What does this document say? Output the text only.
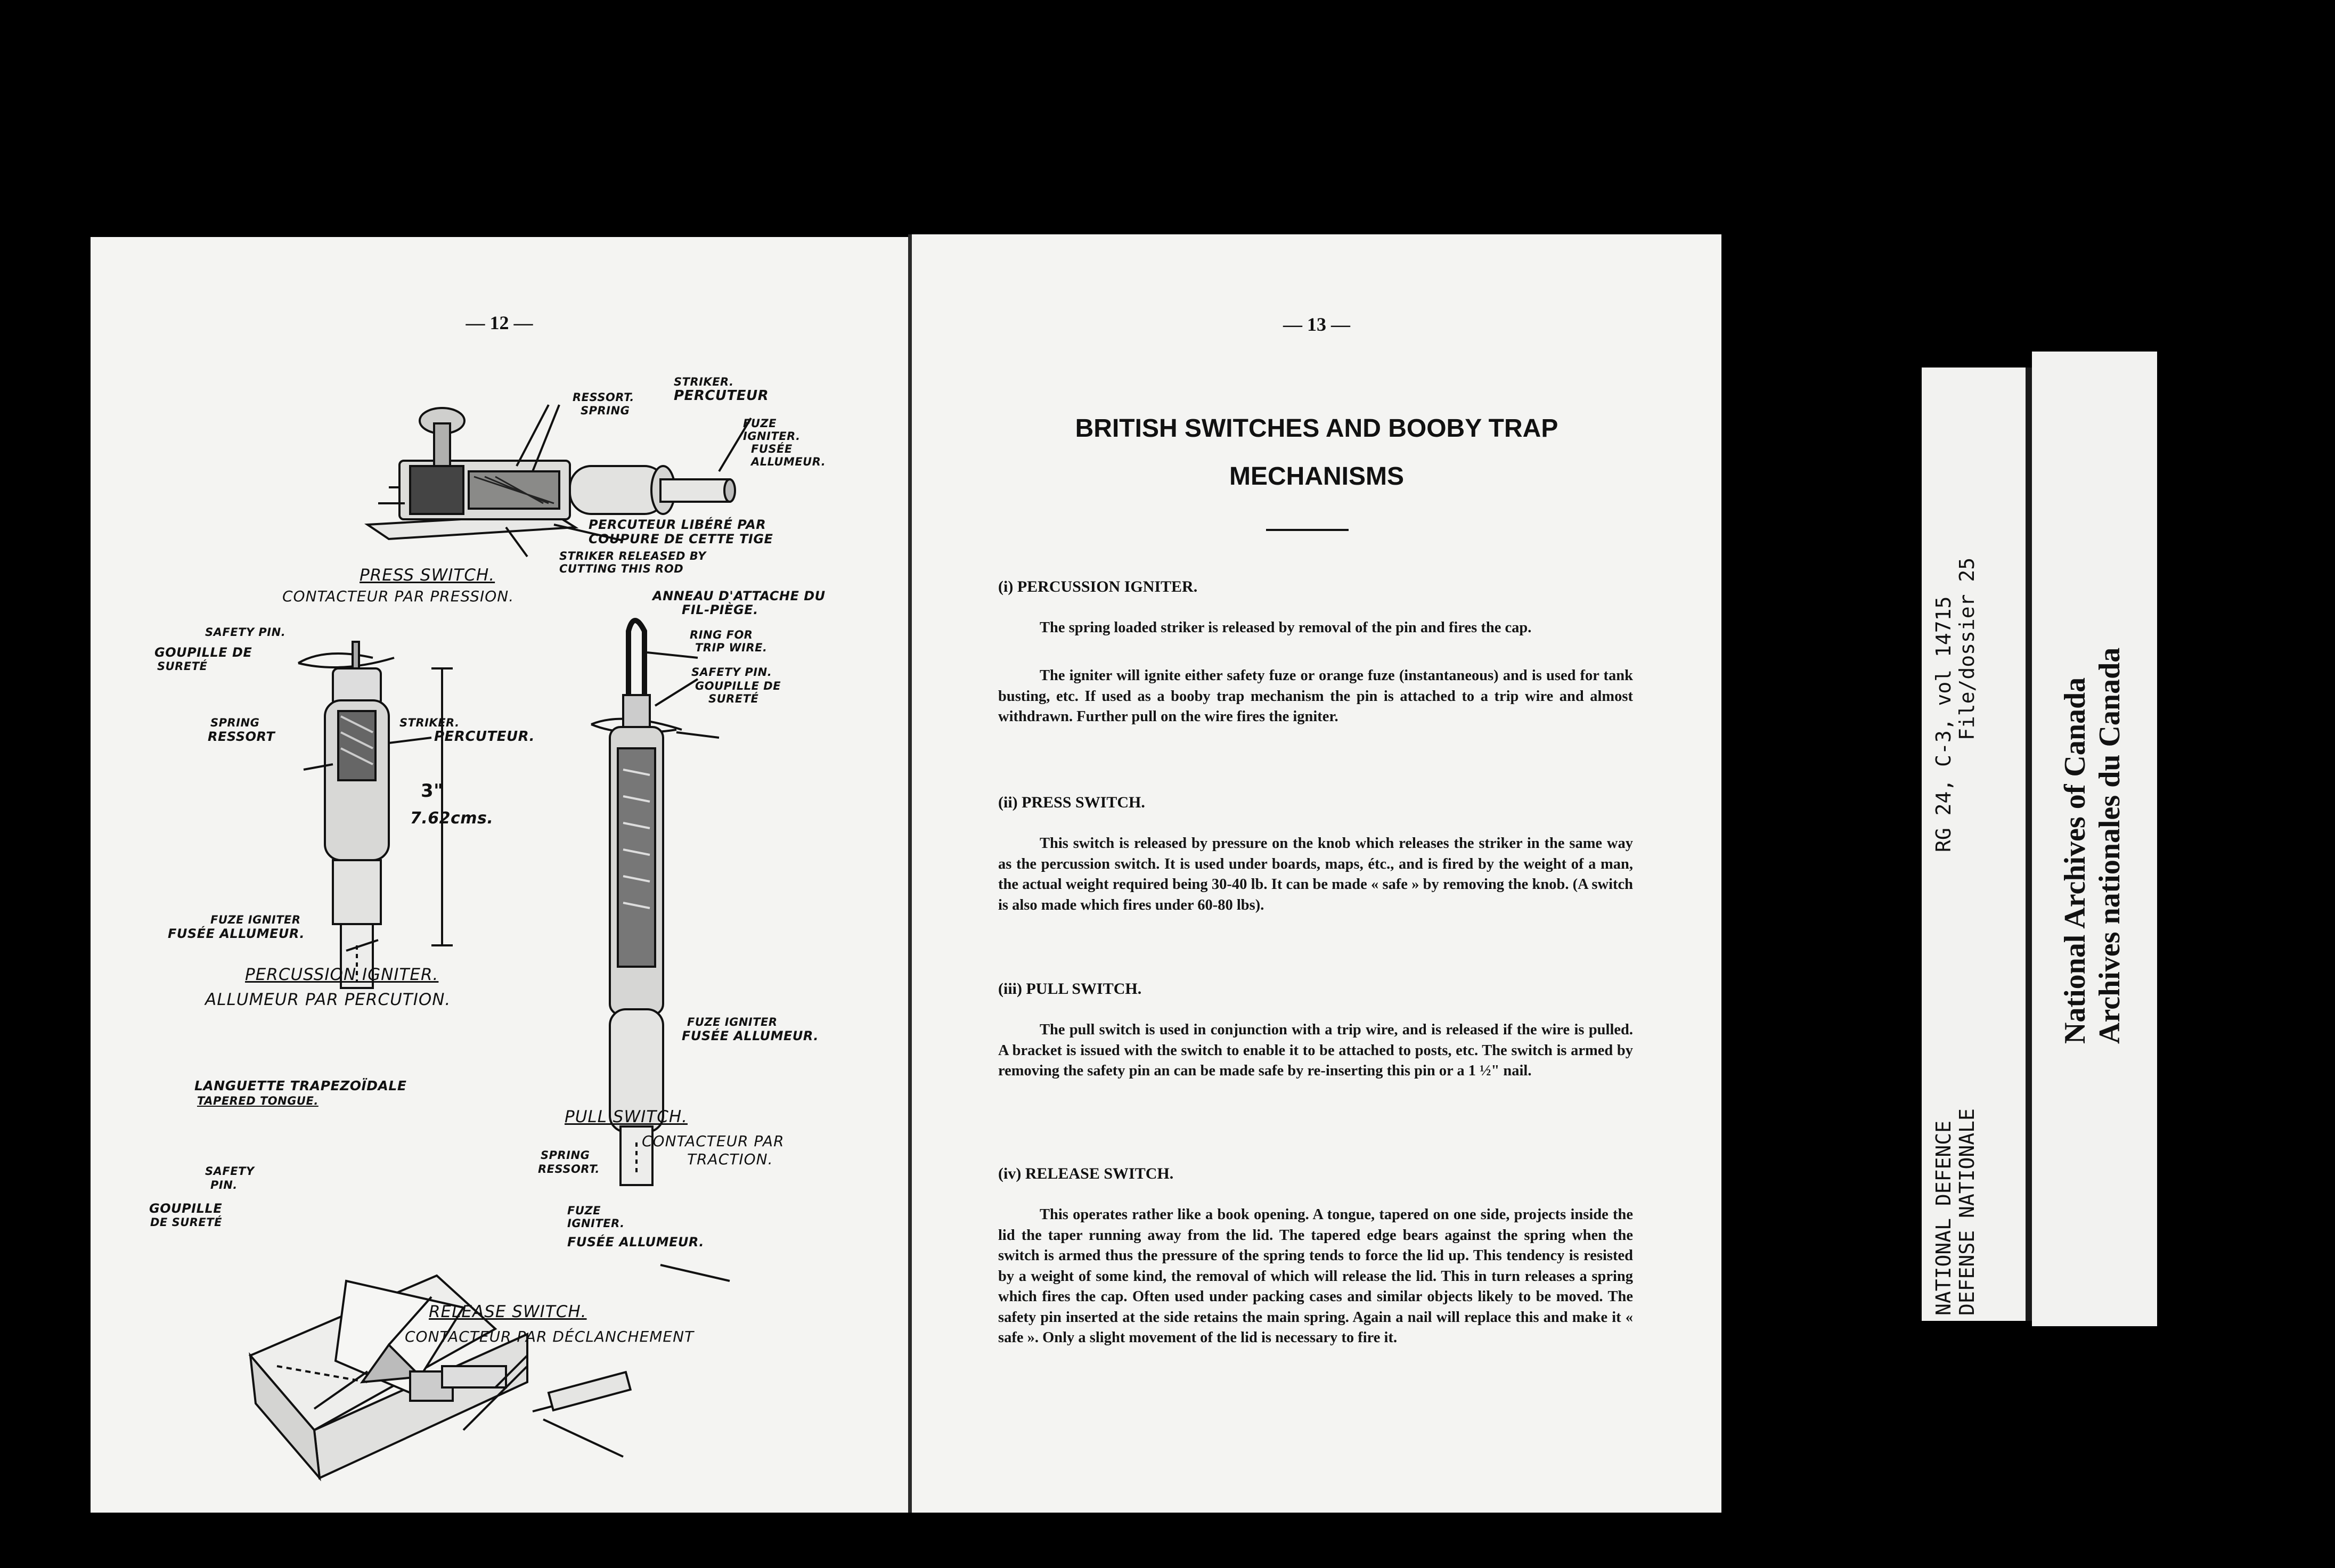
— 12 —
STRIKER.
PERCUTEUR
RESSORT.
SPRING
FUZE
IGNITER.
FUSÉE
ALLUMEUR.
PERCUTEUR LIBÉRÉ PAR
COUPURE DE CETTE TIGE
STRIKER RELEASED BY
CUTTING THIS ROD
PRESS SWITCH.
CONTACTEUR PAR PRESSION.
SAFETY PIN.
GOUPILLE DE
SURETÉ
SPRING
RESSORT
STRIKER.
PERCUTEUR.
3"
7.62cms.
FUZE IGNITER
FUSÉE ALLUMEUR.
PERCUSSION IGNITER.
ALLUMEUR PAR PERCUTION.
ANNEAU D'ATTACHE DU
FIL-PIÈGE.
RING FOR
TRIP WIRE.
SAFETY PIN.
GOUPILLE DE
SURETÉ
FUZE IGNITER
FUSÉE ALLUMEUR.
PULL SWITCH.
CONTACTEUR PAR
TRACTION.
LANGUETTE TRAPEZOÏDALE
TAPERED TONGUE.
SAFETY
PIN.
GOUPILLE
DE SURETÉ
SPRING
RESSORT.
FUZE
IGNITER.
FUSÉE ALLUMEUR.
RELEASE SWITCH.
CONTACTEUR PAR DÉCLANCHEMENT
— 13 —
BRITISH SWITCHES AND BOOBY TRAP
MECHANISMS
(i) PERCUSSION IGNITER.

The spring loaded striker is released by removal of the pin and fires the cap.

The igniter will ignite either safety fuze or orange fuze (instantaneous) and is used for tank busting, etc. If used as a booby trap mechanism the pin is attached to a trip wire and almost withdrawn. Further pull on the wire fires the igniter.

(ii) PRESS SWITCH.

This switch is released by pressure on the knob which releases the striker in the same way as the percussion switch. It is used under boards, maps, étc., and is fired by the weight of a man, the actual weight required being 30-40 lb. It can be made « safe » by removing the knob. (A switch is also made which fires under 60-80 lbs).

(iii) PULL SWITCH.

The pull switch is used in conjunction with a trip wire, and is released if the wire is pulled. A bracket is issued with the switch to enable it to be attached to posts, etc. The switch is armed by removing the safety pin an can be made safe by re-inserting this pin or a 1 ½" nail.

(iv) RELEASE SWITCH.

This operates rather like a book opening. A tongue, tapered on one side, projects inside the lid the taper running away from the lid. The tapered edge bears against the spring when the switch is armed thus the pressure of the spring tends to force the lid up. This tendency is resisted by a weight of some kind, the removal of which will release the lid. This in turn releases a spring which fires the cap. Often used under packing cases and similar objects likely to be moved. The safety pin inserted at the side retains the main spring. Again a nail will replace this and make it « safe ». Only a slight movement of the lid is necessary to fire it.

RG 24, C-3, vol 14715 File/dossier 25
NATIONAL DEFENCE DEFENSE NATIONALE
National Archives of Canada Archives nationales du Canada
